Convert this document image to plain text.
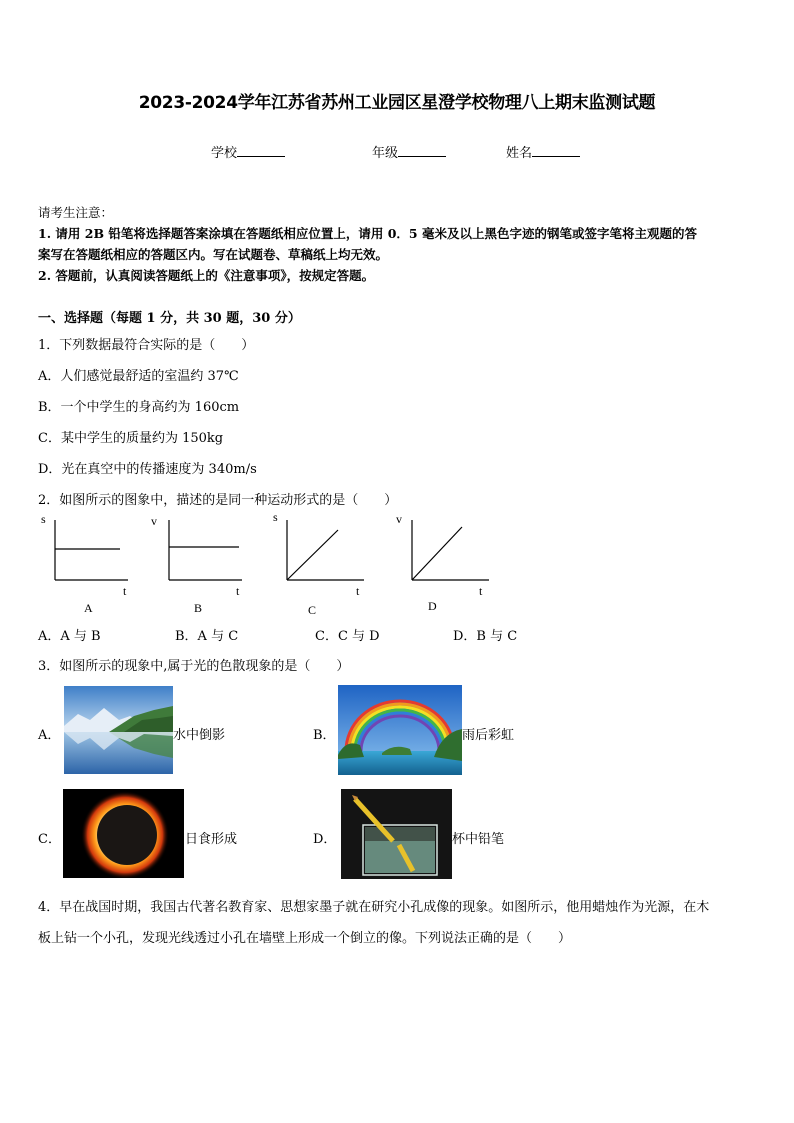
2023-2024学年江苏省苏州工业园区星澄学校物理八上期末监测试题
学校	年级	姓名
请考生注意：
1. 请用 2B 铅笔将选择题答案涂填在答题纸相应位置上，请用 0．5 毫米及以上黑色字迹的钢笔或签字笔将主观题的答
案写在答题纸相应的答题区内。写在试题卷、草稿纸上均无效。
2. 答题前，认真阅读答题纸上的《注意事项》，按规定答题。
一、选择题（每题 1 分，共 30 题，30 分）
1．下列数据最符合实际的是（　　）
A．人们感觉最舒适的室温约 37℃
B．一个中学生的身高约为 160cm
C．某中学生的质量约为 150kg
D．光在真空中的传播速度为 340m/s
2．如图所示的图象中，描述的是同一种运动形式的是（　　）
s
t
A
v
t
B
s
t
C
v
t
D
A．A 与 B	B．A 与 C	C．C 与 D	D．B 与 C
3．如图所示的现象中,属于光的色散现象的是（　　）
A．	水中倒影	B．	雨后彩虹
C．	日食形成	D．	杯中铅笔
4．早在战国时期，我国古代著名教育家、思想家墨子就在研究小孔成像的现象。如图所示，他用蜡烛作为光源，在木
板上钻一个小孔，发现光线透过小孔在墙壁上形成一个倒立的像。下列说法正确的是（　　）
